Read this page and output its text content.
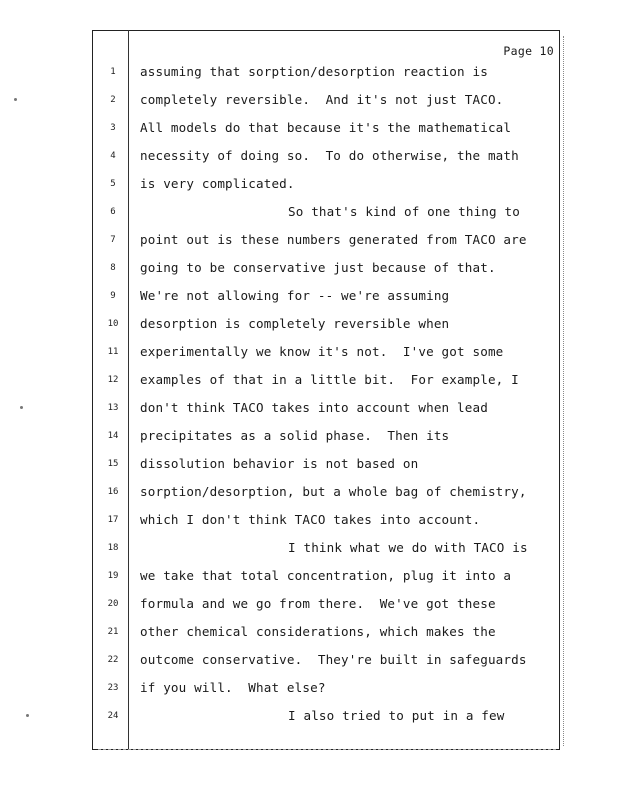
Page 10
1	assuming that sorption/desorption reaction is
2	completely reversible.  And it's not just TACO.
3	All models do that because it's the mathematical
4	necessity of doing so.  To do otherwise, the math
5	is very complicated.
6	So that's kind of one thing to
7	point out is these numbers generated from TACO are
8	going to be conservative just because of that.
9	We're not allowing for -- we're assuming
10	desorption is completely reversible when
11	experimentally we know it's not.  I've got some
12	examples of that in a little bit.  For example, I
13	don't think TACO takes into account when lead
14	precipitates as a solid phase.  Then its
15	dissolution behavior is not based on
16	sorption/desorption, but a whole bag of chemistry,
17	which I don't think TACO takes into account.
18	I think what we do with TACO is
19	we take that total concentration, plug it into a
20	formula and we go from there.  We've got these
21	other chemical considerations, which makes the
22	outcome conservative.  They're built in safeguards
23	if you will.  What else?
24	I also tried to put in a few
